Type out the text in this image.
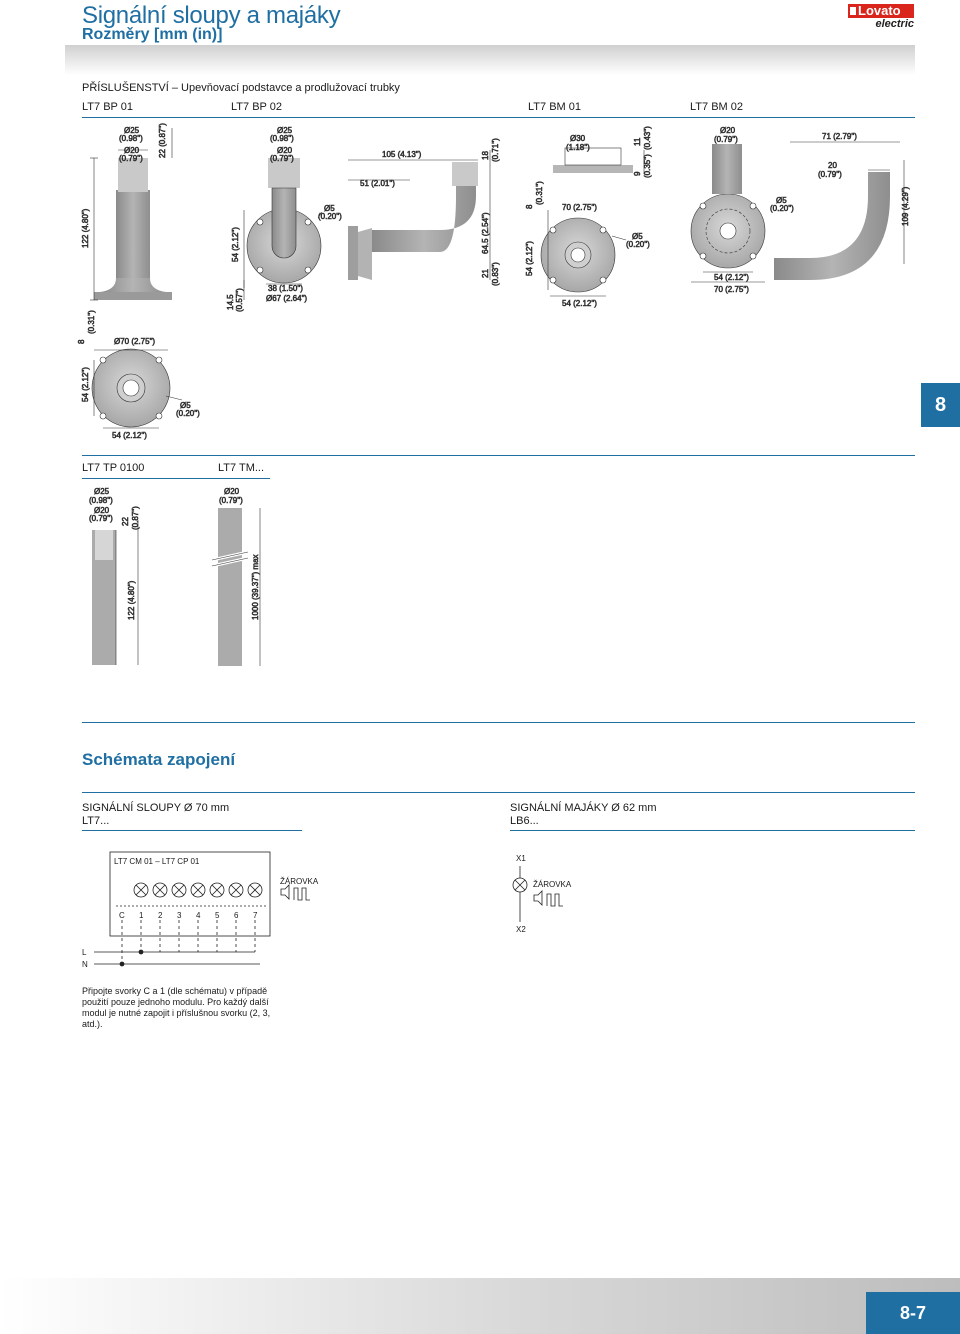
Signální sloupy a majáky
Rozměry [mm (in)]
Lovato
electric
PŘÍSLUŠENSTVÍ – Upevňovací podstavce a prodlužovací trubky
LT7 BP 01	LT7 BP 02	LT7 BM 01	LT7 BM 02
122 (4.80")
Ø25
(0.98")
Ø20
(0.79")
22 (0.87")
8
(0.31")
Ø70 (2.75")
54 (2.12")
Ø5
(0.20")
54 (2.12")
Ø25
(0.98")
Ø20
(0.79")
54 (2.12")
14.5 (0.57")	38 (1.50")
Ø67 (2.64")
Ø5
(0.20")
105 (4.13")
51 (2.01")
18 (0.71")
64.5 (2.54")
21 (0.83")
8
(0.31")
Ø30
(1.18")
11 (0.43")
9 (0.35")
70 (2.75")
Ø5
(0.20")
54 (2.12")
54 (2.12")
Ø20
(0.79")
Ø5
(0.20")
54 (2.12")
70 (2.75")
71 (2.79")
20
(0.79")
109 (4.29")
Ø25
(0.98")
Ø20
(0.79") 22 (0.87")
122 (4.80")
Ø20
(0.79")
1000 (39.37") max
8
LT7 TP 0100	LT7 TM...
Schémata zapojení
SIGNÁLNÍ SLOUPY Ø 70 mm
LT7...
SIGNÁLNÍ MAJÁKY Ø 62 mm
LB6...
LT7 CM 01 – LT7 CP 01
ŽÁROVKA
C 1 2 3 4 5 6 7
L
N
X1
ŽÁROVKA
X2
Připojte svorky C a 1 (dle schématu) v případě použití pouze jednoho modulu. Pro každý další modul je nutné zapojit i příslušnou svorku (2, 3, atd.).
8-7
